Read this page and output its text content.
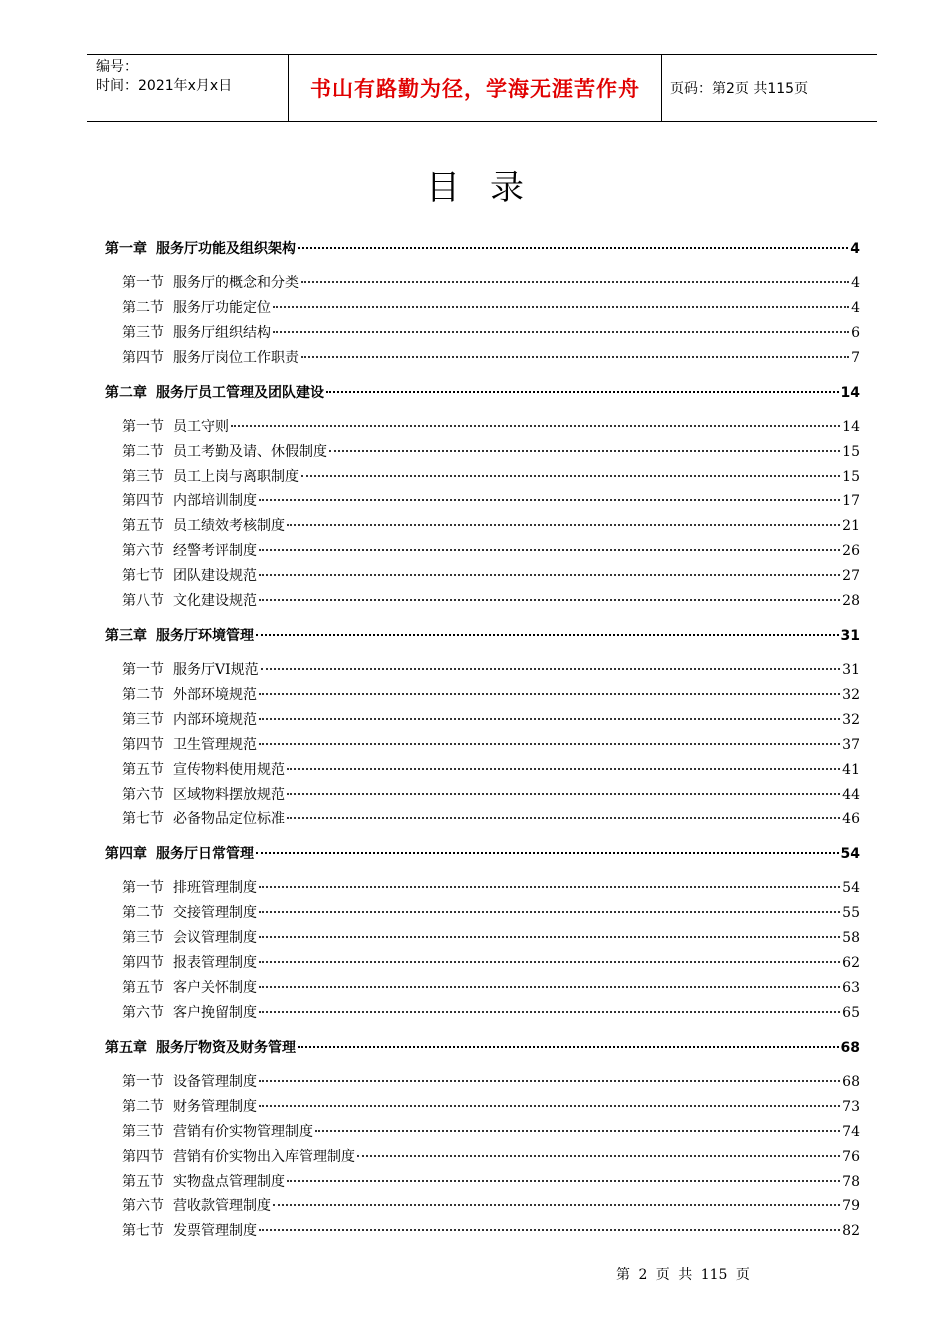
编号：
时间：2021年x月x日	书山有路勤为径，学海无涯苦作舟 页码：第2页 共115页
目录
第一章 服务厅功能及组织架构	4
第一节 服务厅的概念和分类	4
第二节 服务厅功能定位	4
第三节 服务厅组织结构	6
第四节 服务厅岗位工作职责	7
第二章 服务厅员工管理及团队建设	14
第一节 员工守则	14
第二节 员工考勤及请、休假制度	15
第三节 员工上岗与离职制度	15
第四节 内部培训制度	17
第五节 员工绩效考核制度	21
第六节 经警考评制度	26
第七节 团队建设规范	27
第八节 文化建设规范	28
第三章 服务厅环境管理	31
第一节 服务厅VI规范	31
第二节 外部环境规范	32
第三节 内部环境规范	32
第四节 卫生管理规范	37
第五节 宣传物料使用规范	41
第六节 区域物料摆放规范	44
第七节 必备物品定位标准	46
第四章 服务厅日常管理	54
第一节 排班管理制度	54
第二节 交接管理制度	55
第三节 会议管理制度	58
第四节 报表管理制度	62
第五节 客户关怀制度	63
第六节 客户挽留制度	65
第五章 服务厅物资及财务管理	68
第一节 设备管理制度	68
第二节 财务管理制度	73
第三节 营销有价实物管理制度	74
第四节 营销有价实物出入库管理制度	76
第五节 实物盘点管理制度	78
第六节 营收款管理制度	79
第七节 发票管理制度	82
第 2 页 共 115 页
